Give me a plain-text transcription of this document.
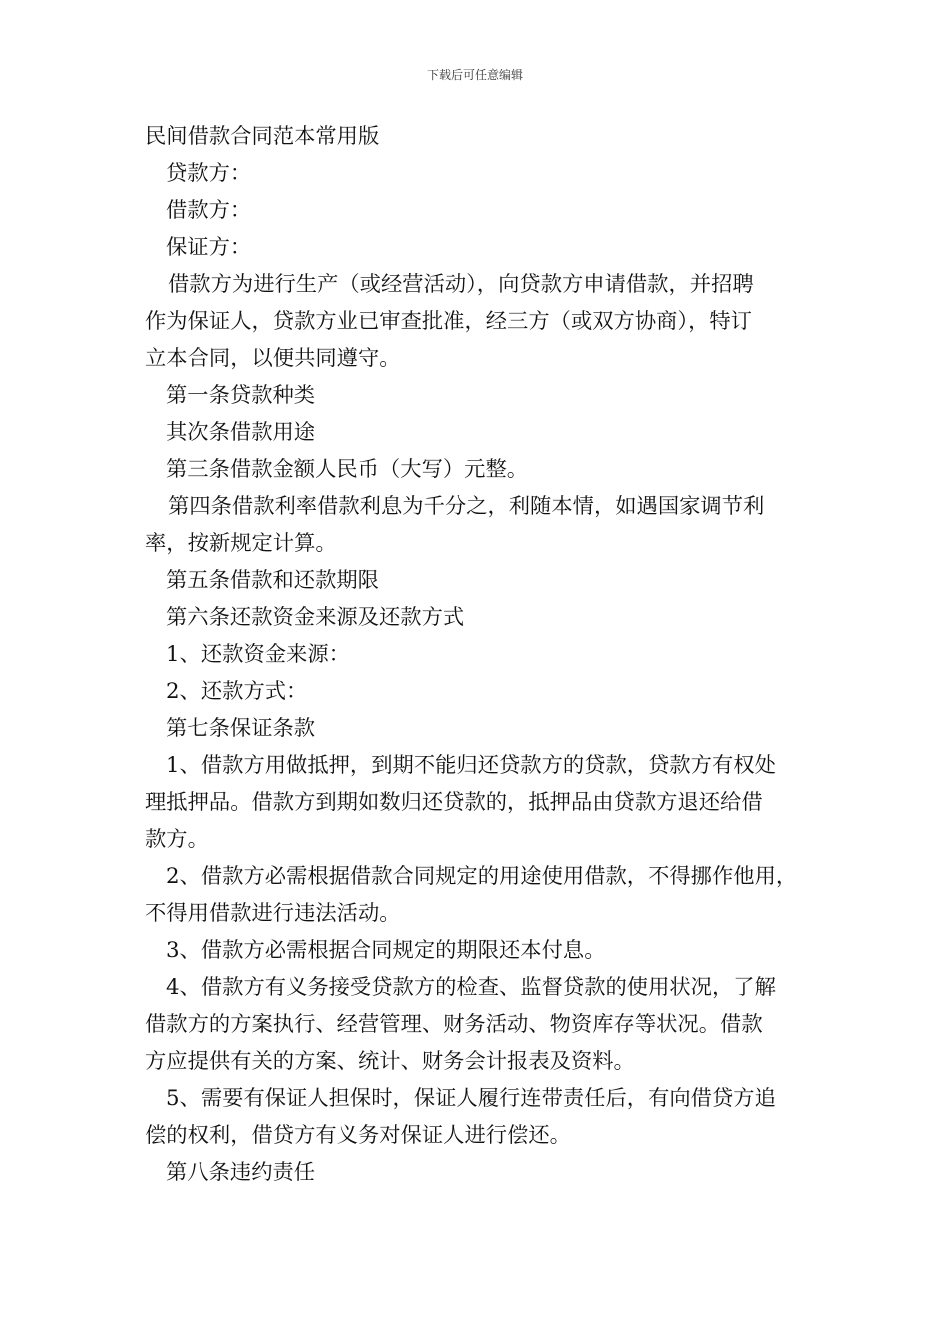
下载后可任意编辑
民间借款合同范本常用版
贷款方：
借款方：
保证方：
借款方为进行生产（或经营活动），向贷款方申请借款，并招聘
作为保证人，贷款方业已审查批准，经三方（或双方协商），特订
立本合同，以便共同遵守。
第一条贷款种类
其次条借款用途
第三条借款金额人民币（大写）元整。
第四条借款利率借款利息为千分之，利随本情，如遇国家调节利
率，按新规定计算。
第五条借款和还款期限
第六条还款资金来源及还款方式
1、还款资金来源：
2、还款方式：
第七条保证条款
1、借款方用做抵押，到期不能归还贷款方的贷款，贷款方有权处
理抵押品。借款方到期如数归还贷款的，抵押品由贷款方退还给借
款方。
2、借款方必需根据借款合同规定的用途使用借款，不得挪作他用，
不得用借款进行违法活动。
3、借款方必需根据合同规定的期限还本付息。
4、借款方有义务接受贷款方的检查、监督贷款的使用状况，了解
借款方的方案执行、经营管理、财务活动、物资库存等状况。借款
方应提供有关的方案、统计、财务会计报表及资料。
5、需要有保证人担保时，保证人履行连带责任后，有向借贷方追
偿的权利，借贷方有义务对保证人进行偿还。
第八条违约责任
